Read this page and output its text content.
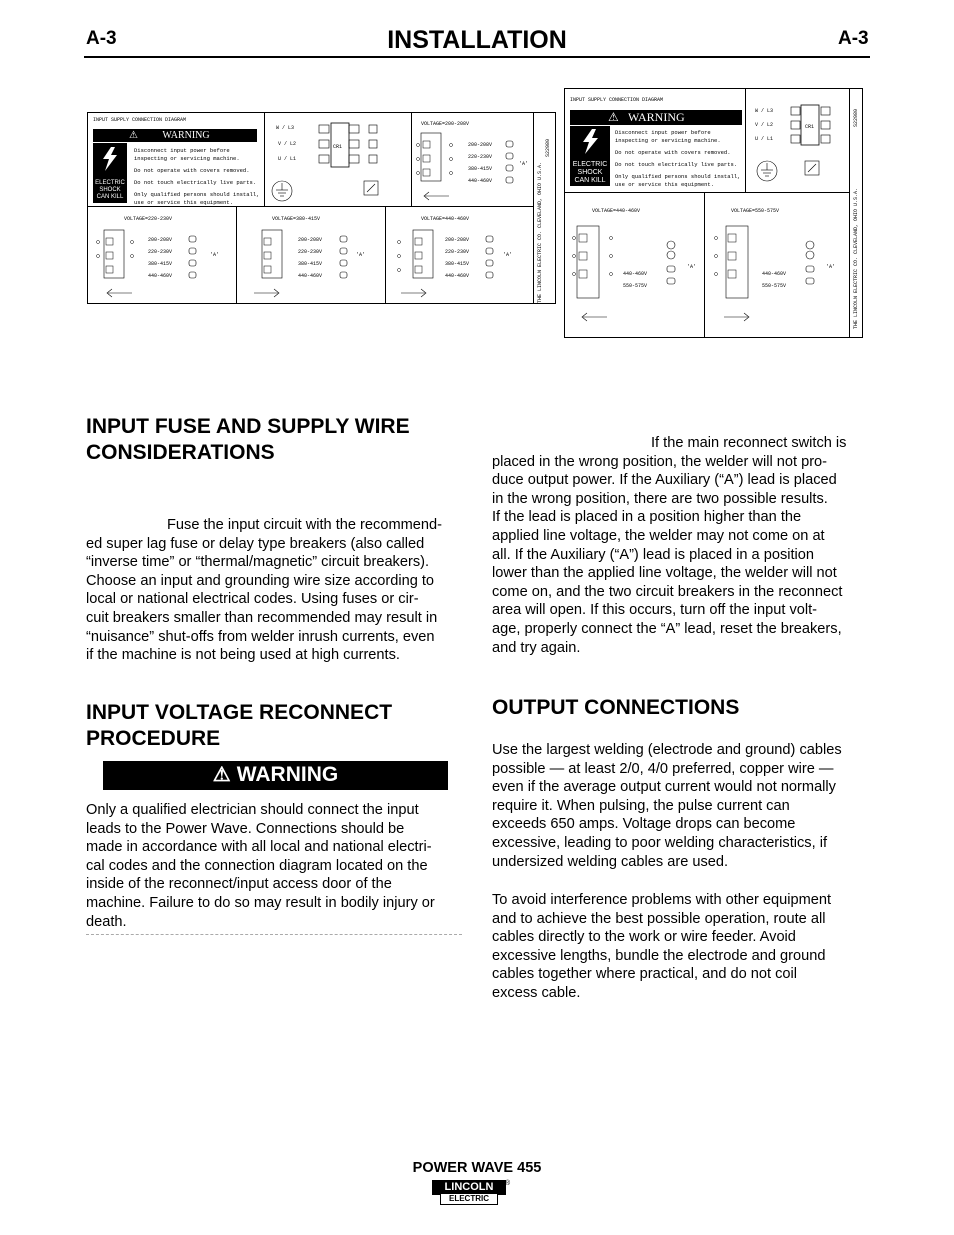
A-3	INSTALLATION	A-3
INPUT SUPPLY CONNECTION DIAGRAM
⚠ WARNING
ELECTRIC
SHOCK
CAN KILL
Disconnect input power before inspecting or servicing machine.
Do not operate with covers removed.
Do not touch electrically live parts.
Only qualified persons should install, use or service this equipment.
W / L3
V / L2
U / L1
CR1
VOLTAGE=200-208V
200-208V
220-230V
380-415V
440-460V
'A'
VOLTAGE=220-230V
200-208V
220-230V
380-415V
440-460V
'A'
VOLTAGE=380-415V
200-208V
220-230V
380-415V
440-460V
'A'
VOLTAGE=440-460V
200-208V
220-230V
380-415V
440-460V
'A'	THE LINCOLN ELECTRIC CO. CLEVELAND, OHIO U.S.A.
S22980
INPUT SUPPLY CONNECTION DIAGRAM
⚠ WARNING
ELECTRIC
SHOCK
CAN KILL
Disconnect input power before inspecting or servicing machine.
Do not operate with covers removed.
Do not touch electrically live parts.
Only qualified persons should install, use or service this equipment.
W / L3
V / L2
U / L1
CR1
VOLTAGE=440-460V
440-460V
550-575V
'A'
VOLTAGE=550-575V
440-460V
550-575V
'A'	THE LINCOLN ELECTRIC CO. CLEVELAND, OHIO U.S.A.
S22980
INPUT FUSE AND SUPPLY WIRE
CONSIDERATIONS
Fuse the input circuit with the recommend-
ed super lag fuse or delay type breakers (also called
“inverse time” or “thermal/magnetic” circuit breakers).
Choose an input and grounding wire size according to
local or national electrical codes. Using fuses or cir-
cuit breakers smaller than recommended may result in
“nuisance” shut-offs from welder inrush currents, even
if the machine is not being used at high currents.
INPUT VOLTAGE RECONNECT
PROCEDURE
⚠ WARNING
Only a qualified electrician should connect the input
leads to the Power Wave. Connections should be
made in accordance with all local and national electri-
cal codes and the connection diagram located on the
inside of the reconnect/input access door of the
machine. Failure to do so may result in bodily injury or
death.
If the main reconnect switch is
placed in the wrong position, the welder will not pro-
duce output power. If the Auxiliary (“A”) lead is placed
in the wrong position, there are two possible results.
If the lead is placed in a position higher than the
applied line voltage, the welder may not come on at
all. If the Auxiliary (“A”) lead is placed in a position
lower than the applied line voltage, the welder will not
come on, and the two circuit breakers in the reconnect
area will open. If this occurs, turn off the input volt-
age, properly connect the “A” lead, reset the breakers,
and try again.
OUTPUT CONNECTIONS
Use the largest welding (electrode and ground) cables
possible — at least 2/0, 4/0 preferred, copper wire —
even if the average output current would not normally
require it. When pulsing, the pulse current can
exceeds 650 amps. Voltage drops can become
excessive, leading to poor welding characteristics, if
undersized welding cables are used.
To avoid interference problems with other equipment
and to achieve the best possible operation, route all
cables directly to the work or wire feeder. Avoid
excessive lengths, bundle the electrode and ground
cables together where practical, and do not coil
excess cable.
POWER WAVE 455
LINCOLN
ELECTRIC
®
